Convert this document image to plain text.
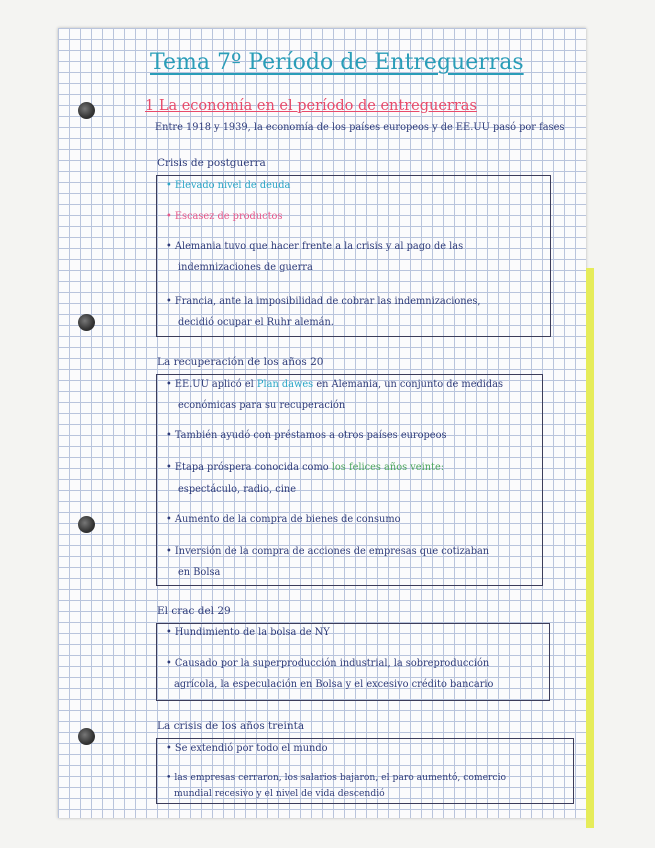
Tema 7º Período de Entreguerras
1 La economía en el período de entreguerras
Entre 1918 y 1939, la economía de los países europeos y de EE.UU pasó por fases
Crisis de postguerra
• Elevado nivel de deuda
• Escasez de productos
• Alemania tuvo que hacer frente a la crisis y al pago de las
indemnizaciones de guerra
• Francia, ante la imposibilidad de cobrar las indemnizaciones,
decidió ocupar el Ruhr alemán.
La recuperación de los años 20
• EE.UU aplicó el Plan dawes en Alemania, un conjunto de medidas
económicas para su recuperación
• También ayudó con préstamos a otros países europeos
• Etapa próspera conocida como los felices años veinte:
espectáculo, radio, cine
• Aumento de la compra de bienes de consumo
• Inversión de la compra de acciones de empresas que cotizaban
en Bolsa
El crac del 29
• Hundimiento de la bolsa de NY
• Causado por la superproducción industrial, la sobreproducción
agrícola, la especulación en Bolsa y el excesivo crédito bancario
La crisis de los años treinta
• Se extendió por todo el mundo
• las empresas cerraron, los salarios bajaron, el paro aumentó, comercio
mundial recesivo y el nivel de vida descendió
